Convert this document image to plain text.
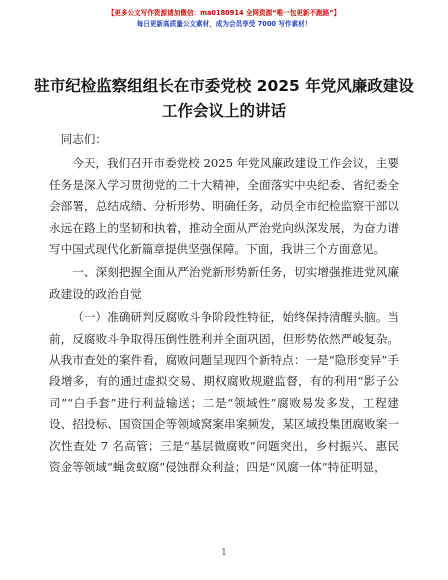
【更多公文写作资源请加微信：ma0180914 全网资源“唯一包更新不跑路”】
每日更新高质量公文素材，成为会员享受 7000 写作素材！
驻市纪检监察组组长在市委党校 2025 年党风廉政建设工作会议上的讲话

同志们：

今天，我们召开市委党校 2025 年党风廉政建设工作会议，主要任务是深入学习贯彻党的二十大精神，全面落实中央纪委、省纪委全会部署，总结成绩、分析形势、明确任务，动员全市纪检监察干部以永远在路上的坚韧和执着，推动全面从严治党向纵深发展，为奋力谱写中国式现代化新篇章提供坚强保障。下面，我讲三个方面意见。

一、深刻把握全面从严治党新形势新任务，切实增强推进党风廉政建设的政治自觉

（一）准确研判反腐败斗争阶段性特征，始终保持清醒头脑。当前，反腐败斗争取得压倒性胜利并全面巩固，但形势依然严峻复杂。从我市查处的案件看，腐败问题呈现四个新特点：一是“隐形变异”手段增多，有的通过虚拟交易、期权腐败规避监督，有的利用“影子公司”“白手套”进行利益输送；二是“领域性”腐败易发多发，工程建设、招投标、国资国企等领域窝案串案频发，某区域投集团腐败案一次性查处 7 名高管；三是“基层微腐败”问题突出，乡村振兴、惠民资金等领域“蝇贪蚁腐”侵蚀群众利益；四是“风腐一体”特征明显，

1
